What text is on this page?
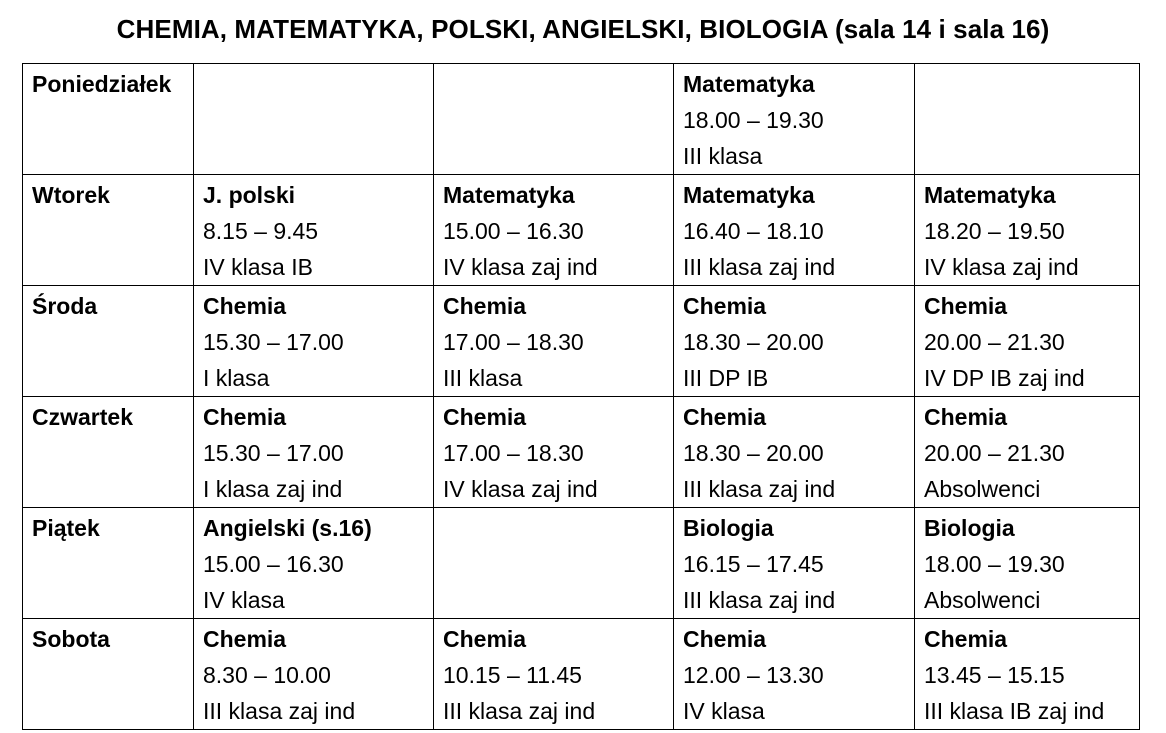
CHEMIA, MATEMATYKA, POLSKI, ANGIELSKI, BIOLOGIA (sala 14 i sala 16)
Poniedziałek			Matematyka
18.00 – 19.30
III klasa	

Wtorek	J. polski
8.15 – 9.45
IV klasa IB	Matematyka
15.00 – 16.30
IV klasa zaj ind	Matematyka
16.40 – 18.10
III klasa zaj ind	Matematyka
18.20 – 19.50
IV klasa zaj ind

Środa	Chemia
15.30 – 17.00
I klasa	Chemia
17.00 – 18.30
III klasa	Chemia
18.30 – 20.00
III DP IB	Chemia
20.00 – 21.30
IV DP IB zaj ind

Czwartek	Chemia
15.30 – 17.00
I klasa zaj ind	Chemia
17.00 – 18.30
IV klasa zaj ind	Chemia
18.30 – 20.00
III klasa zaj ind	Chemia
20.00 – 21.30
Absolwenci

Piątek	Angielski (s.16)
15.00 – 16.30
IV klasa		Biologia
16.15 – 17.45
III klasa zaj ind	Biologia
18.00 – 19.30
Absolwenci

Sobota	Chemia
8.30 – 10.00
III klasa zaj ind	Chemia
10.15 – 11.45
III klasa zaj ind	Chemia
12.00 – 13.30
IV klasa	Chemia
13.45 – 15.15
III klasa IB zaj ind
